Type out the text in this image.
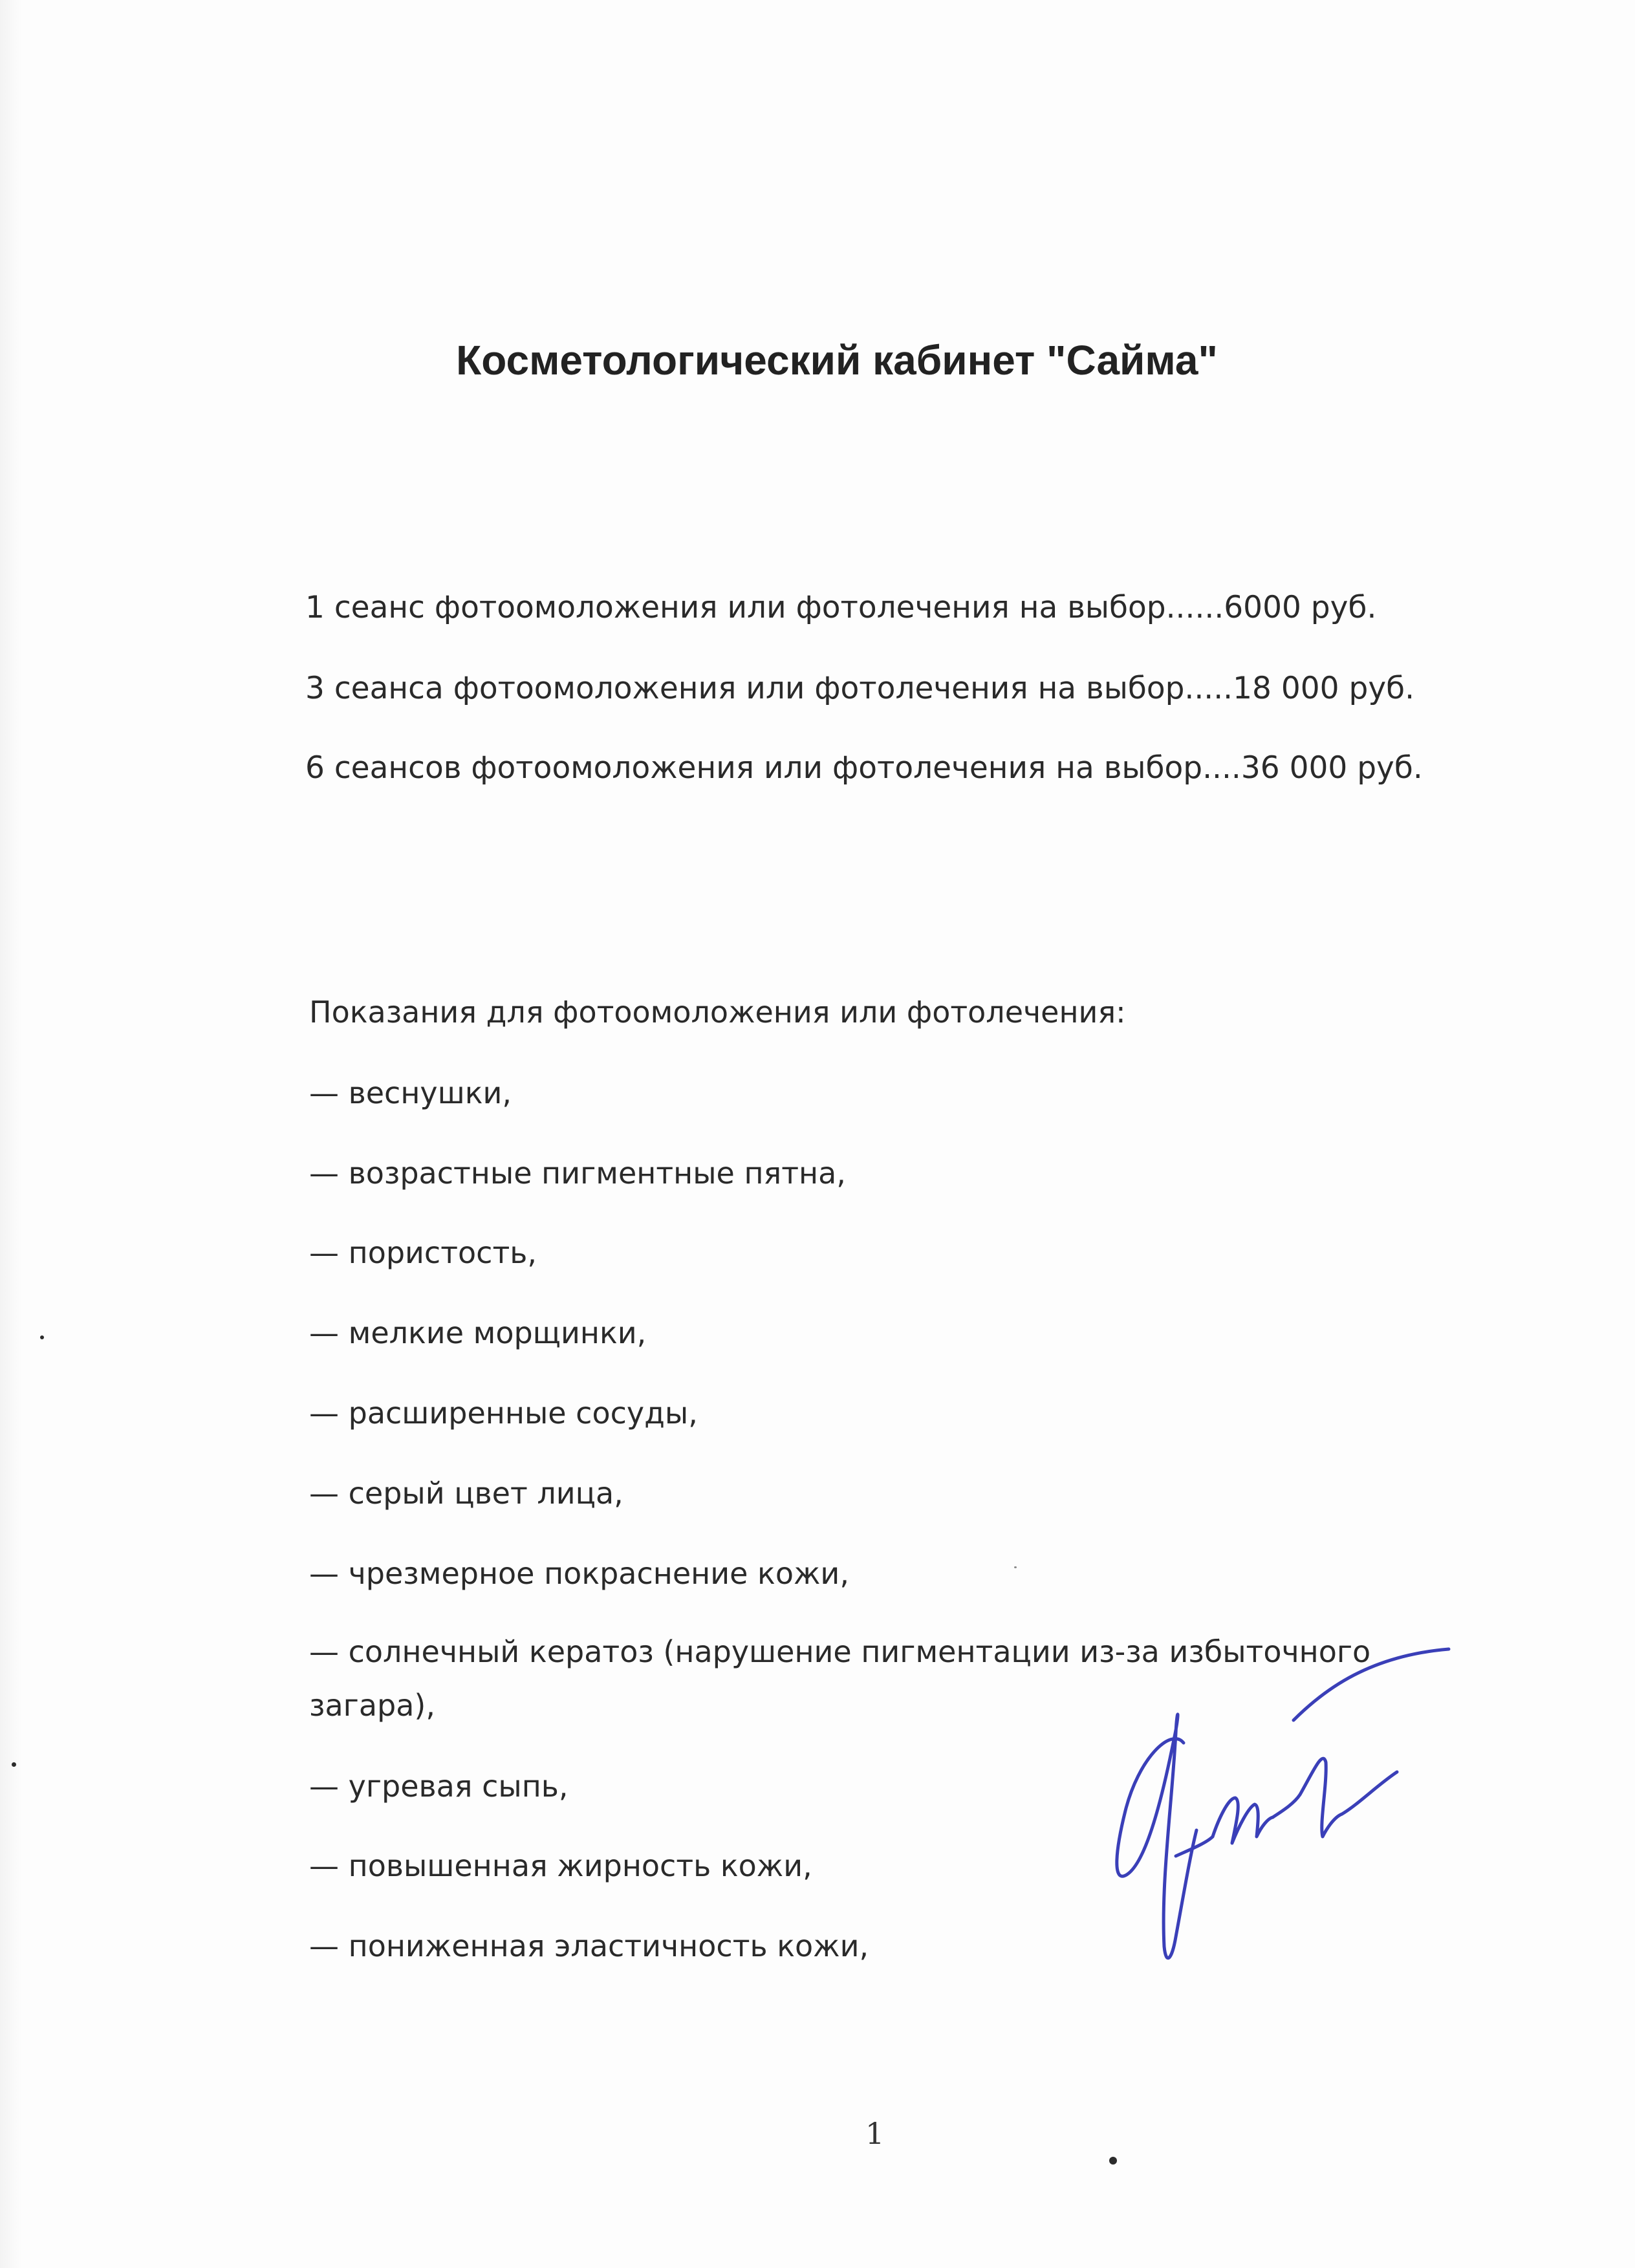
Косметологический кабинет "Сайма"
1 сеанс фотоомоложения или фотолечения на выбор......6000 руб.
3 сеанса фотоомоложения или фотолечения на выбор.....18 000 руб.
6 сеансов фотоомоложения или фотолечения на выбор....36 000 руб.
Показания для фотоомоложения или фотолечения:
— веснушки,
— возрастные пигментные пятна,
— пористость,
— мелкие морщинки,
— расширенные сосуды,
— серый цвет лица,
— чрезмерное покраснение кожи,
— солнечный кератоз (нарушение пигментации из-за избыточного
загара),
— угревая сыпь,
— повышенная жирность кожи,
— пониженная эластичность кожи,
1
